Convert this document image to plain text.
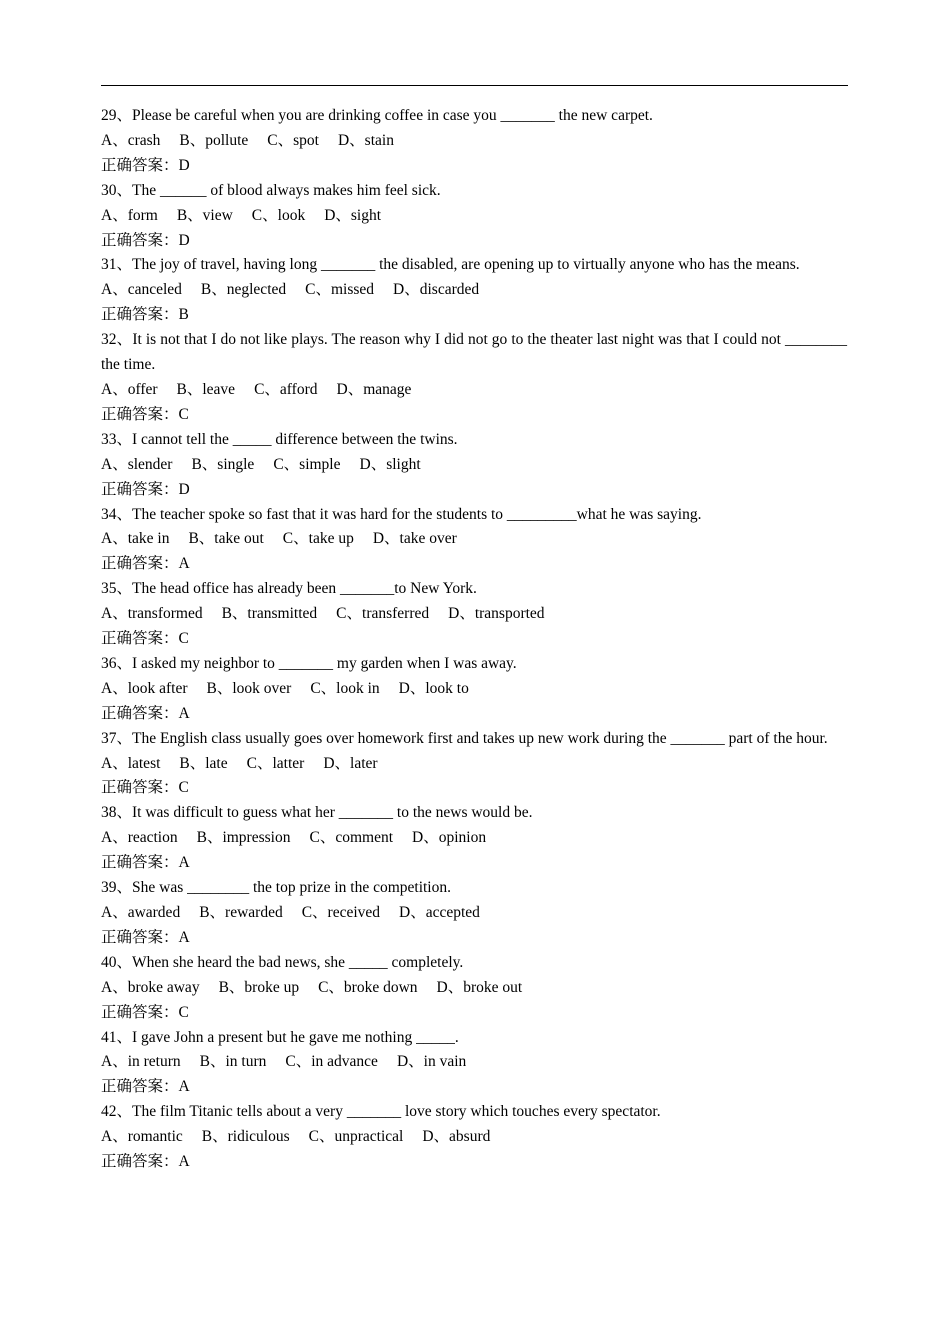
29、Please be careful when you are drinking coffee in case you _______ the new carpet.

A、crash B、pollute C、spot D、stain

正确答案：D

30、The ______ of blood always makes him feel sick.

A、form B、view C、look D、sight

正确答案：D

31、The joy of travel, having long _______ the disabled, are opening up to virtually anyone who has the means.

A、canceled B、neglected C、missed D、discarded

正确答案：B

32、It is not that I do not like plays. The reason why I did not go to the theater last night was that I could not ________ the time.

A、offer B、leave C、afford D、manage

正确答案：C

33、I cannot tell the _____ difference between the twins.

A、slender B、single C、simple D、slight

正确答案：D

34、The teacher spoke so fast that it was hard for the students to _________what he was saying.

A、take in B、take out C、take up D、take over

正确答案：A

35、The head office has already been _______to New York.

A、transformed B、transmitted C、transferred D、transported

正确答案：C

36、I asked my neighbor to _______ my garden when I was away.

A、look after B、look over C、look in D、look to

正确答案：A

37、The English class usually goes over homework first and takes up new work during the _______ part of the hour.

A、latest B、late C、latter D、later

正确答案：C

38、It was difficult to guess what her _______ to the news would be.

A、reaction B、impression C、comment D、opinion

正确答案：A

39、She was ________ the top prize in the competition.

A、awarded B、rewarded C、received D、accepted

正确答案：A

40、When she heard the bad news, she _____ completely.

A、broke away B、broke up C、broke down D、broke out

正确答案：C

41、I gave John a present but he gave me nothing _____.

A、in return B、in turn C、in advance D、in vain

正确答案：A

42、The film Titanic tells about a very _______ love story which touches every spectator.

A、romantic B、ridiculous C、unpractical D、absurd

正确答案：A
